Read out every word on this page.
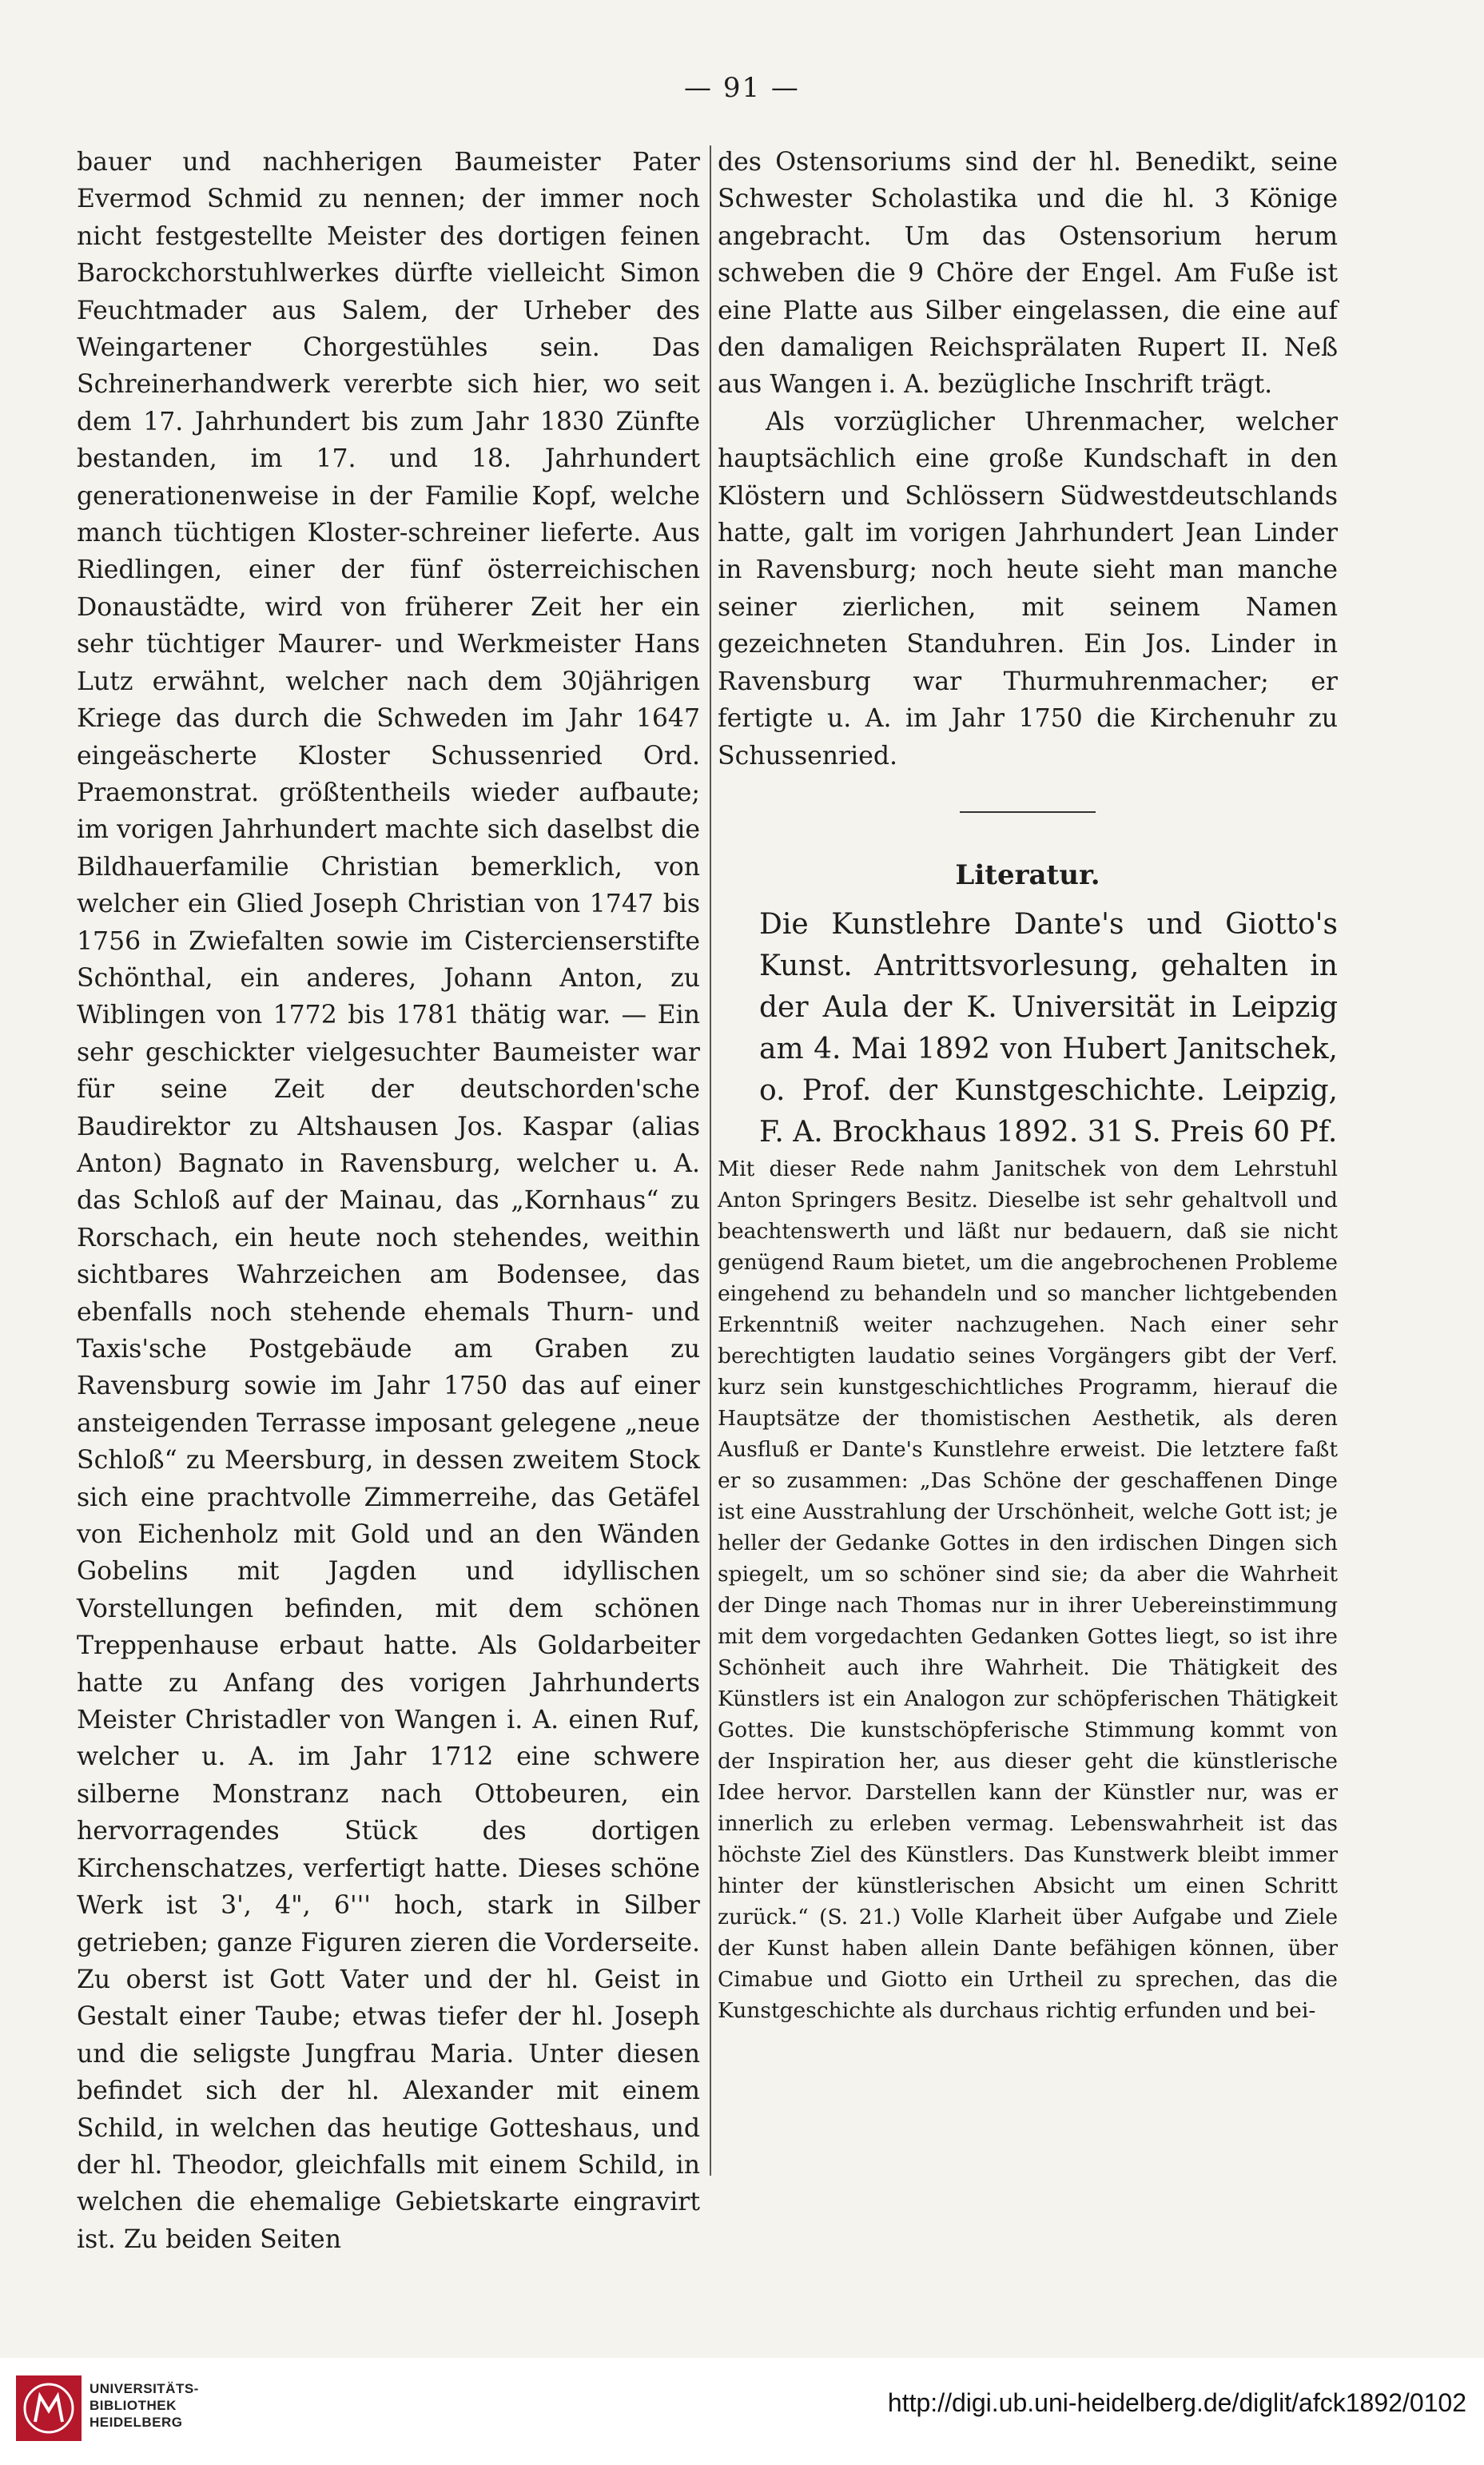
— 91 —

bauer und nachherigen Baumeister Pater Evermod Schmid zu nennen; der immer noch nicht festgestellte Meister des dortigen feinen Barockchorstuhlwerkes dürfte vielleicht Simon Feuchtmader aus Salem, der Urheber des Weingartener Chorgestühles sein. Das Schreinerhandwerk vererbte sich hier, wo seit dem 17. Jahrhundert bis zum Jahr 1830 Zünfte bestanden, im 17. und 18. Jahrhundert generationenweise in der Familie Kopf, welche manch tüchtigen Kloster-schreiner lieferte. Aus Riedlingen, einer der fünf österreichischen Donaustädte, wird von früherer Zeit her ein sehr tüchtiger Maurer- und Werkmeister Hans Lutz erwähnt, welcher nach dem 30jährigen Kriege das durch die Schweden im Jahr 1647 eingeäscherte Kloster Schussenried Ord. Praemonstrat. größtentheils wieder aufbaute; im vorigen Jahrhundert machte sich daselbst die Bildhauerfamilie Christian bemerklich, von welcher ein Glied Joseph Christian von 1747 bis 1756 in Zwiefalten sowie im Cistercienserstifte Schönthal, ein anderes, Johann Anton, zu Wiblingen von 1772 bis 1781 thätig war. — Ein sehr geschickter vielgesuchter Baumeister war für seine Zeit der deutschorden'sche Baudirektor zu Altshausen Jos. Kaspar (alias Anton) Bagnato in Ravensburg, welcher u. A. das Schloß auf der Mainau, das „Kornhaus“ zu Rorschach, ein heute noch stehendes, weithin sichtbares Wahrzeichen am Bodensee, das ebenfalls noch stehende ehemals Thurn- und Taxis'sche Postgebäude am Graben zu Ravensburg sowie im Jahr 1750 das auf einer ansteigenden Terrasse imposant gelegene „neue Schloß“ zu Meersburg, in dessen zweitem Stock sich eine prachtvolle Zimmerreihe, das Getäfel von Eichenholz mit Gold und an den Wänden Gobelins mit Jagden und idyllischen Vorstellungen befinden, mit dem schönen Treppenhause erbaut hatte. Als Goldarbeiter hatte zu Anfang des vorigen Jahrhunderts Meister Christadler von Wangen i. A. einen Ruf, welcher u. A. im Jahr 1712 eine schwere silberne Monstranz nach Ottobeuren, ein hervorragendes Stück des dortigen Kirchenschatzes, verfertigt hatte. Dieses schöne Werk ist 3', 4", 6''' hoch, stark in Silber getrieben; ganze Figuren zieren die Vorderseite. Zu oberst ist Gott Vater und der hl. Geist in Gestalt einer Taube; etwas tiefer der hl. Joseph und die seligste Jungfrau Maria. Unter diesen befindet sich der hl. Alexander mit einem Schild, in welchen das heutige Gotteshaus, und der hl. Theodor, gleichfalls mit einem Schild, in welchen die ehemalige Gebietskarte eingravirt ist. Zu beiden Seiten

des Ostensoriums sind der hl. Benedikt, seine Schwester Scholastika und die hl. 3 Könige angebracht. Um das Ostensorium herum schweben die 9 Chöre der Engel. Am Fuße ist eine Platte aus Silber eingelassen, die eine auf den damaligen Reichsprälaten Rupert II. Neß aus Wangen i. A. bezügliche Inschrift trägt.

Als vorzüglicher Uhrenmacher, welcher hauptsächlich eine große Kundschaft in den Klöstern und Schlössern Südwestdeutschlands hatte, galt im vorigen Jahrhundert Jean Linder in Ravensburg; noch heute sieht man manche seiner zierlichen, mit seinem Namen gezeichneten Standuhren. Ein Jos. Linder in Ravensburg war Thurmuhrenmacher; er fertigte u. A. im Jahr 1750 die Kirchenuhr zu Schussenried.

Literatur.

Die Kunstlehre Dante's und Giotto's Kunst. Antrittsvorlesung, gehalten in der Aula der K. Universität in Leipzig am 4. Mai 1892 von Hubert Janitschek, o. Prof. der Kunstgeschichte. Leipzig, F. A. Brockhaus 1892. 31 S. Preis 60 Pf.

Mit dieser Rede nahm Janitschek von dem Lehrstuhl Anton Springers Besitz. Dieselbe ist sehr gehaltvoll und beachtenswerth und läßt nur bedauern, daß sie nicht genügend Raum bietet, um die angebrochenen Probleme eingehend zu behandeln und so mancher lichtgebenden Erkenntniß weiter nachzugehen. Nach einer sehr berechtigten laudatio seines Vorgängers gibt der Verf. kurz sein kunstgeschichtliches Programm, hierauf die Hauptsätze der thomistischen Aesthetik, als deren Ausfluß er Dante's Kunstlehre erweist. Die letztere faßt er so zusammen: „Das Schöne der geschaffenen Dinge ist eine Ausstrahlung der Urschönheit, welche Gott ist; je heller der Gedanke Gottes in den irdischen Dingen sich spiegelt, um so schöner sind sie; da aber die Wahrheit der Dinge nach Thomas nur in ihrer Uebereinstimmung mit dem vorgedachten Gedanken Gottes liegt, so ist ihre Schönheit auch ihre Wahrheit. Die Thätigkeit des Künstlers ist ein Analogon zur schöpferischen Thätigkeit Gottes. Die kunstschöpferische Stimmung kommt von der Inspiration her, aus dieser geht die künstlerische Idee hervor. Darstellen kann der Künstler nur, was er innerlich zu erleben vermag. Lebenswahrheit ist das höchste Ziel des Künstlers. Das Kunstwerk bleibt immer hinter der künstlerischen Absicht um einen Schritt zurück.“ (S. 21.) Volle Klarheit über Aufgabe und Ziele der Kunst haben allein Dante befähigen können, über Cimabue und Giotto ein Urtheil zu sprechen, das die Kunstgeschichte als durchaus richtig erfunden und bei-

UNIVERSITÄTS-
BIBLIOTHEK
HEIDELBERG
http://digi.ub.uni-heidelberg.de/diglit/afck1892/0102
